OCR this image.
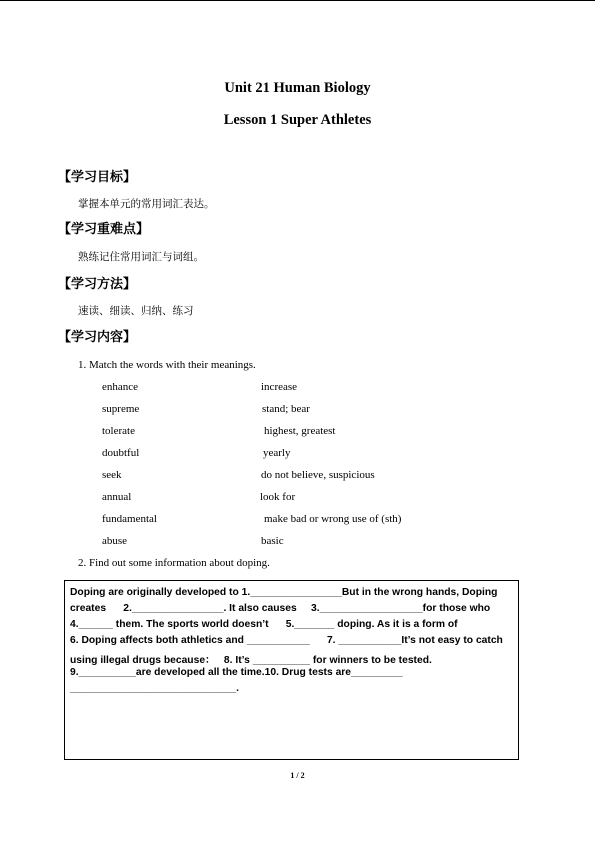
Unit 21 Human Biology
Lesson 1 Super Athletes
【学习目标】
掌握本单元的常用词汇表达。
【学习重难点】
熟练记住常用词汇与词组。
【学习方法】
速读、细读、归纳、练习
【学习内容】
1. Match the words with their meanings.
enhance
supreme
tolerate
doubtful
seek
annual
fundamental
abuse
increase
stand; bear
highest, greatest
yearly
do not believe, suspicious
look for
make bad or wrong use of (sth)
basic
2. Find out some information about doping.
Doping are originally developed to 1.________________But in the wrong hands, Doping
creates      2.________________. It also causes     3.__________________for those who
4.______ them. The sports world doesn’t      5._______ doping. As it is a form of
6. Doping affects both athletics and ___________      7. ___________It’s not easy to catch
using illegal drugs because：   8. It’s __________ for winners to be tested.
9.__________are developed all the time.10. Drug tests are_________
_____________________________.
1 / 2
